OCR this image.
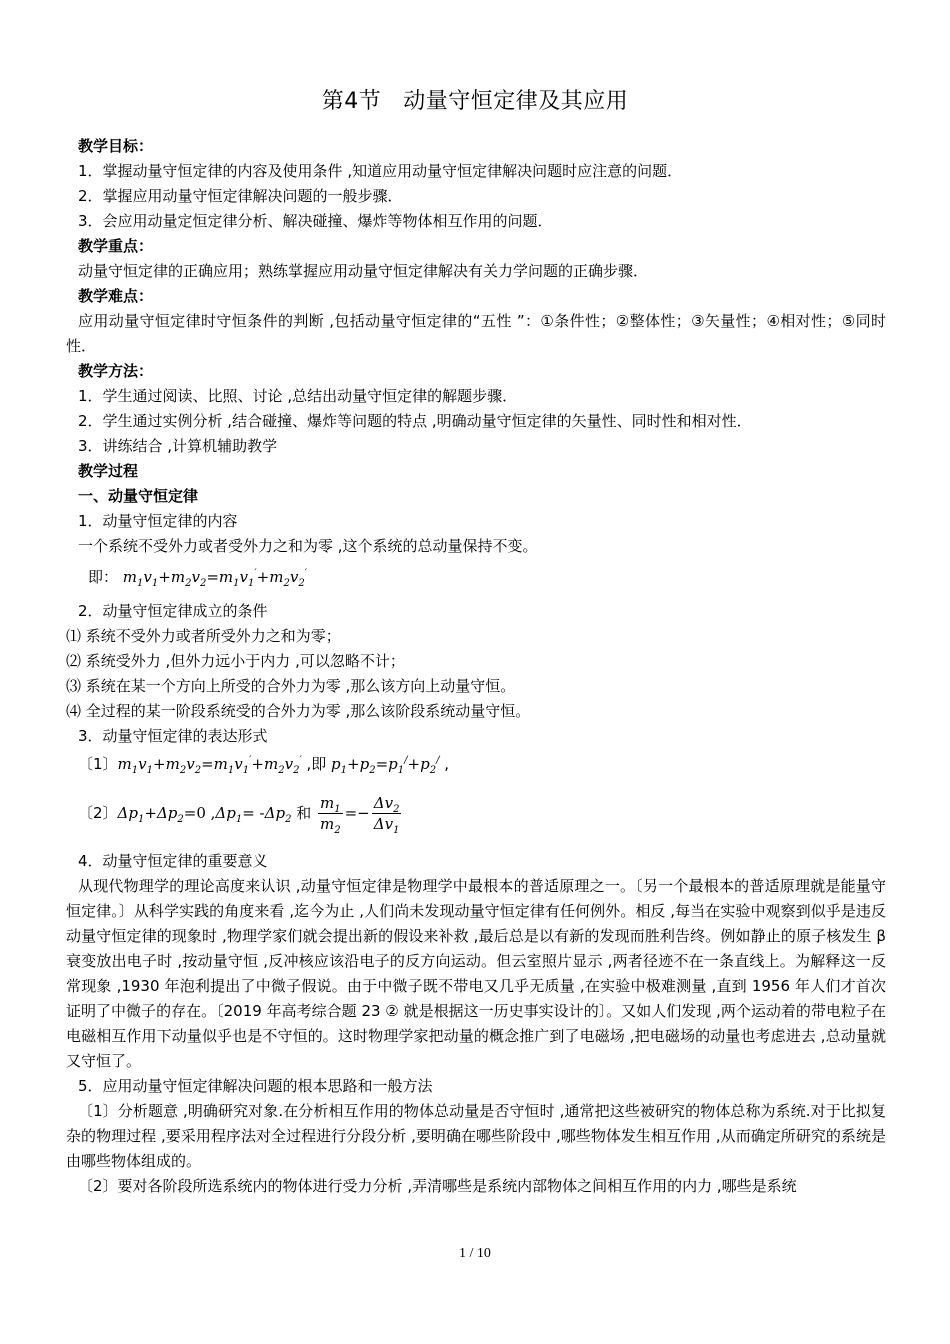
第4节 动量守恒定律及其应用

教学目标：

1．掌握动量守恒定律的内容及使用条件 ,知道应用动量守恒定律解决问题时应注意的问题．

2．掌握应用动量守恒定律解决问题的一般步骤．

3．会应用动量定恒定律分析、解决碰撞、爆炸等物体相互作用的问题．

教学重点：

动量守恒定律的正确应用；熟练掌握应用动量守恒定律解决有关力学问题的正确步骤．

教学难点：

应用动量守恒定律时守恒条件的判断 ,包括动量守恒定律的“五性 ”：①条件性；②整体性；③矢量性；④相对性；⑤同时性．

教学方法：

1．学生通过阅读、比照、讨论 ,总结出动量守恒定律的解题步骤．

2．学生通过实例分析 ,结合碰撞、爆炸等问题的特点 ,明确动量守恒定律的矢量性、同时性和相对性．

3．讲练结合 ,计算机辅助教学

教学过程

一、动量守恒定律

1．动量守恒定律的内容

一个系统不受外力或者受外力之和为零 ,这个系统的总动量保持不变。

即： $m_1v_1+m_2v_2=m_1v_1'+m_2v_2'$

2．动量守恒定律成立的条件

⑴ 系统不受外力或者所受外力之和为零；

⑵ 系统受外力 ,但外力远小于内力 ,可以忽略不计；

⑶ 系统在某一个方向上所受的合外力为零 ,那么该方向上动量守恒。

⑷ 全过程的某一阶段系统受的合外力为零 ,那么该阶段系统动量守恒。

3．动量守恒定律的表达形式

〔1〕$m_1v_1+m_2v_2=m_1v_1'+m_2v_2'$ ,即 $p_1+p_2=p_1^/+p_2^/$ ,

〔2〕$\Delta p_1+\Delta p_2=0$ $,\Delta p_1= -\Delta p_2$ 和 $\frac{m_1}{m_2} =- \frac{\Delta v_2}{\Delta v_1}$

4．动量守恒定律的重要意义

从现代物理学的理论高度来认识 ,动量守恒定律是物理学中最根本的普适原理之一。〔另一个最根本的普适原理就是能量守恒定律。〕从科学实践的角度来看 ,迄今为止 ,人们尚未发现动量守恒定律有任何例外。相反 ,每当在实验中观察到似乎是违反动量守恒定律的现象时 ,物理学家们就会提出新的假设来补救 ,最后总是以有新的发现而胜利告终。例如静止的原子核发生 β 衰变放出电子时 ,按动量守恒 ,反冲核应该沿电子的反方向运动。但云室照片显示 ,两者径迹不在一条直线上。为解释这一反常现象 ,1930 年泡利提出了中微子假说。由于中微子既不带电又几乎无质量 ,在实验中极难测量 ,直到 1956 年人们才首次证明了中微子的存在。〔2019 年高考综合题 23 ② 就是根据这一历史事实设计的〕。又如人们发现 ,两个运动着的带电粒子在电磁相互作用下动量似乎也是不守恒的。这时物理学家把动量的概念推广到了电磁场 ,把电磁场的动量也考虑进去 ,总动量就又守恒了。

5．应用动量守恒定律解决问题的根本思路和一般方法

〔1〕分析题意 ,明确研究对象.在分析相互作用的物体总动量是否守恒时 ,通常把这些被研究的物体总称为系统.对于比拟复杂的物理过程 ,要采用程序法对全过程进行分段分析 ,要明确在哪些阶段中 ,哪些物体发生相互作用 ,从而确定所研究的系统是由哪些物体组成的。

〔2〕要对各阶段所选系统内的物体进行受力分析 ,弄清哪些是系统内部物体之间相互作用的内力 ,哪些是系统

1 / 10
